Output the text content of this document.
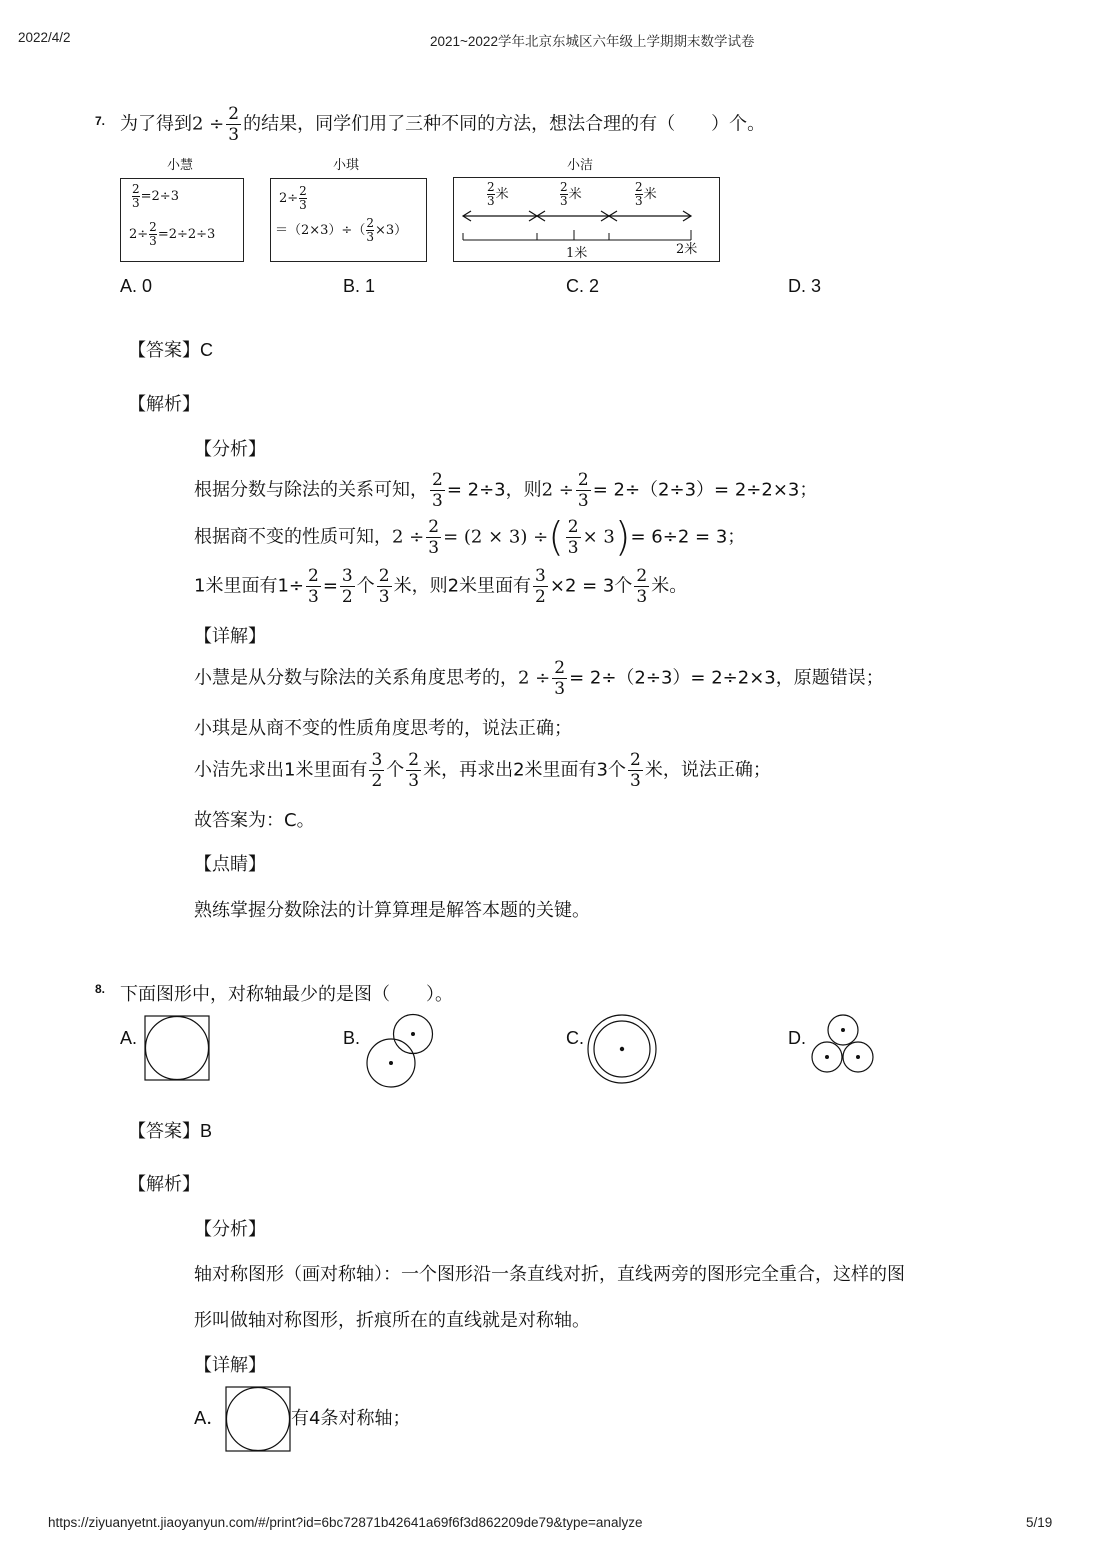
2022/4/2	2021~2022学年北京东城区六年级上学期期末数学试卷
7. 为了得到$2 \div \frac{2}{3}$ 的结果，同学们用了三种不同的方法，想法合理的有（　　）个。
小慧	小琪	小洁
$\frac{2}{3} =2\div 3$
$2\div \frac{2}{3} =2\div 2\div 3$
$2\div \frac{2}{3}$
$=(2\times 3)\div( \frac{2}{3} \times 3)$
$\frac{2}{3}$ 米	$\frac{2}{3}$ 米	$\frac{2}{3}$ 米
1米	2米
A. 0	B. 1	C. 2	D. 3
【答案】C
【解析】
【分析】
根据分数与除法的关系可知， $\frac{2}{3} = 2\div 3$，则$2 \div \frac{2}{3} = 2\div(2\div 3)= 2\div 2\times 3$；
根据商不变的性质可知，$2 \div \frac{2}{3} = (2 \times 3)$ ÷( $\frac{2}{3} \times 3)= 6\div 2 = 3$；
1米里面有$1\div \frac{2}{3} = \frac{3}{2}$ 个 $\frac{2}{3}$ 米，则2米里面有 $\frac{3}{2} \times 2 = 3$个 $\frac{2}{3}$ 米。
【详解】
小慧是从分数与除法的关系角度思考的，$2 \div \frac{2}{3} = 2\div(2\div 3)= 2\div 2\times 3$，原题错误；
小琪是从商不变的性质角度思考的，说法正确；
小洁先求出1米里面有 $\frac{3}{2}$ 个 $\frac{2}{3}$ 米，再求出2米里面有3个 $\frac{2}{3}$ 米，说法正确；
故答案为：C。
【点睛】
熟练掌握分数除法的计算算理是解答本题的关键。
8. 下面图形中，对称轴最少的是图（　　）。
A.	B.	C.	D.
【答案】B
【解析】
【分析】
轴对称图形（画对称轴）：一个图形沿一条直线对折，直线两旁的图形完全重合，这样的图
形叫做轴对称图形，折痕所在的直线就是对称轴。
【详解】
A．	有4条对称轴；
https://ziyuanyetnt.jiaoyanyun.com/#/print?id=6bc72871b42641a69f6f3d862209de79&type=analyze	5/19
